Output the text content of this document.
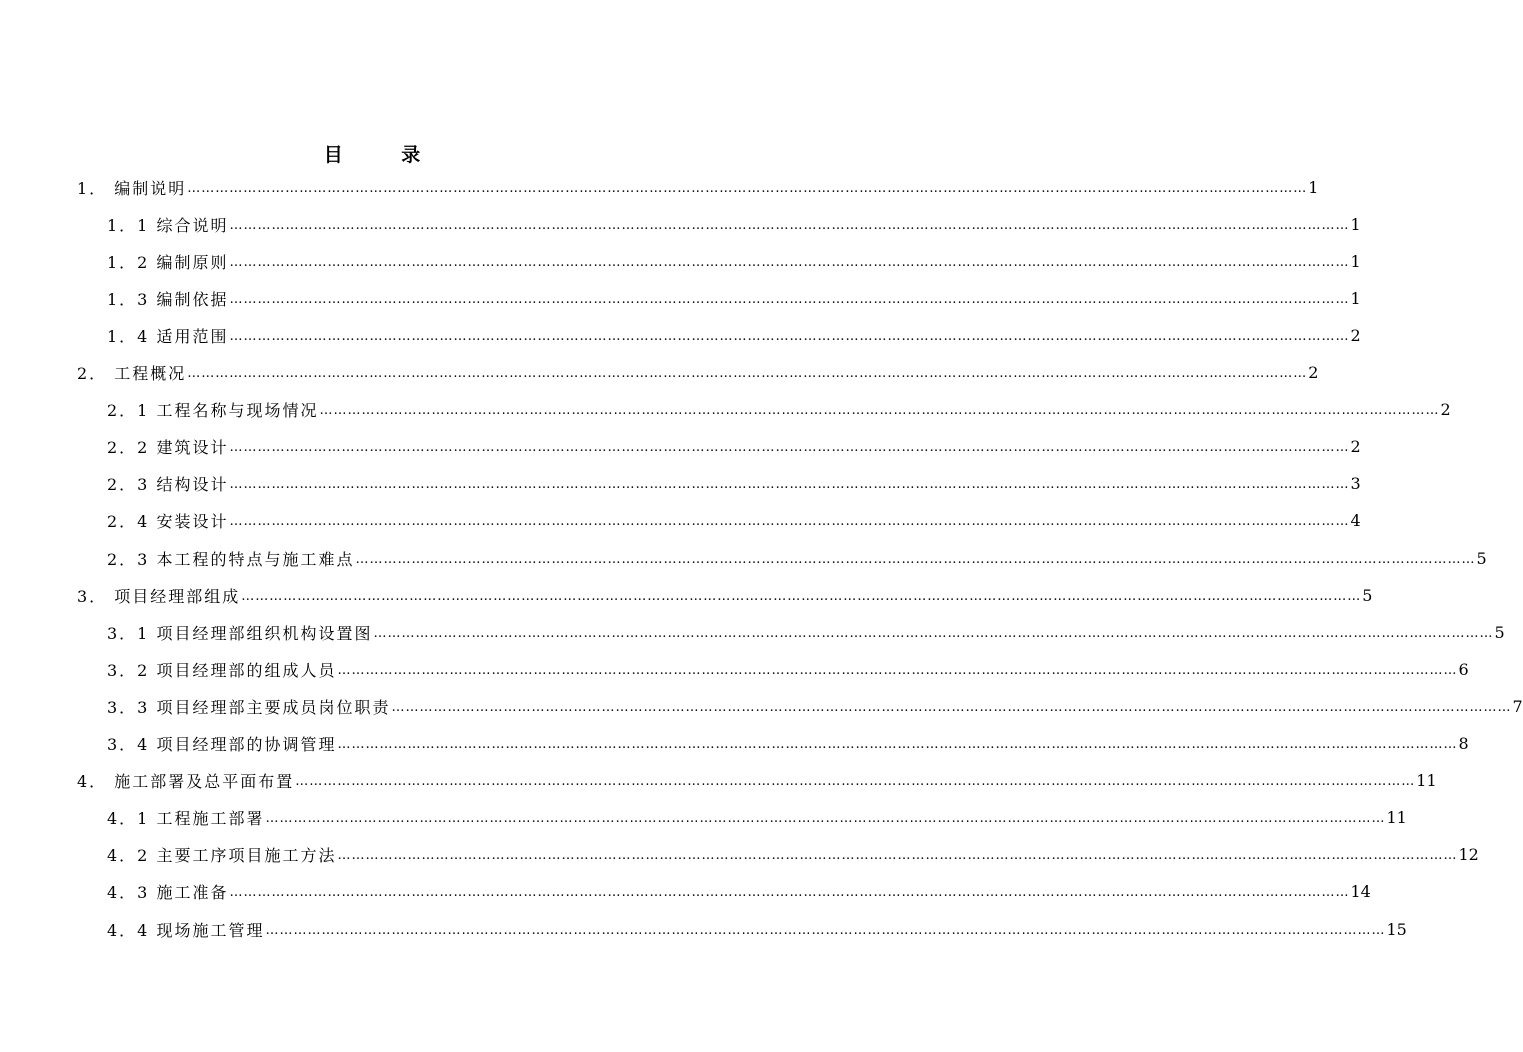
目 录
1． 编制说明 …………………………………………………………………………………………………………………………………………………………………………………………………………………… 1
1．1 综合说明 …………………………………………………………………………………………………………………………………………………………………………………………………………………… 1
1．2 编制原则 …………………………………………………………………………………………………………………………………………………………………………………………………………………… 1
1．3 编制依据 …………………………………………………………………………………………………………………………………………………………………………………………………………………… 1
1．4 适用范围 …………………………………………………………………………………………………………………………………………………………………………………………………………………… 2
2． 工程概况 …………………………………………………………………………………………………………………………………………………………………………………………………………………… 2
2．1 工程名称与现场情况 …………………………………………………………………………………………………………………………………………………………………………………………………………………… 2
2．2 建筑设计 …………………………………………………………………………………………………………………………………………………………………………………………………………………… 2
2．3 结构设计 …………………………………………………………………………………………………………………………………………………………………………………………………………………… 3
2．4 安装设计 …………………………………………………………………………………………………………………………………………………………………………………………………………………… 4
2．3 本工程的特点与施工难点 …………………………………………………………………………………………………………………………………………………………………………………………………………………… 5
3． 项目经理部组成 …………………………………………………………………………………………………………………………………………………………………………………………………………………… 5
3．1 项目经理部组织机构设置图 …………………………………………………………………………………………………………………………………………………………………………………………………………………… 5
3．2 项目经理部的组成人员 …………………………………………………………………………………………………………………………………………………………………………………………………………………… 6
3．3 项目经理部主要成员岗位职责 …………………………………………………………………………………………………………………………………………………………………………………………………………………… 7
3．4 项目经理部的协调管理 …………………………………………………………………………………………………………………………………………………………………………………………………………………… 8
4． 施工部署及总平面布置 …………………………………………………………………………………………………………………………………………………………………………………………………………………… 11
4．1 工程施工部署 …………………………………………………………………………………………………………………………………………………………………………………………………………………… 11
4．2 主要工序项目施工方法 …………………………………………………………………………………………………………………………………………………………………………………………………………………… 12
4．3 施工准备 …………………………………………………………………………………………………………………………………………………………………………………………………………………… 14
4．4 现场施工管理 …………………………………………………………………………………………………………………………………………………………………………………………………………………… 15
